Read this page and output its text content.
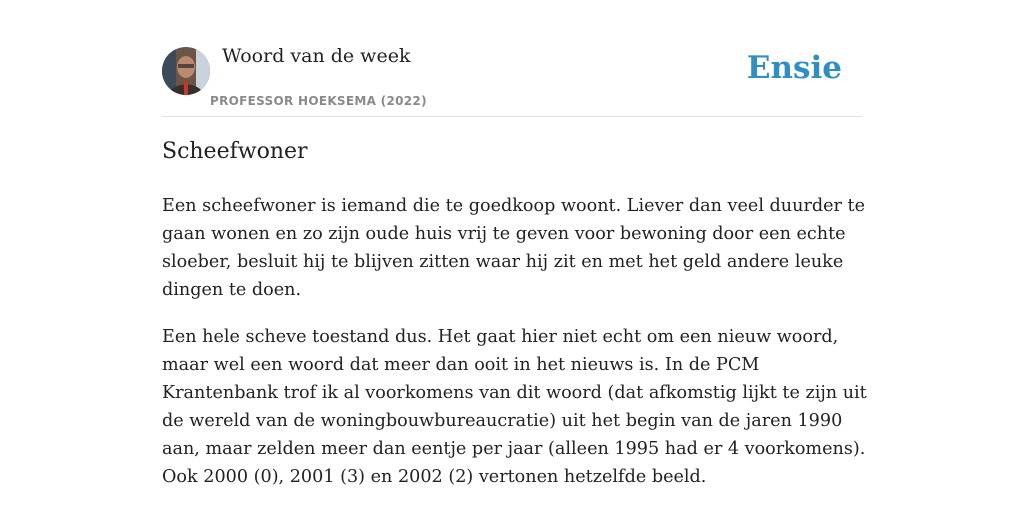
Woord van de week
PROFESSOR HOEKSEMA (2022)
Ensie
Scheefwoner

Een scheefwoner is iemand die te goedkoop woont. Liever dan veel duurder te gaan wonen en zo zijn oude huis vrij te geven voor bewoning door een echte sloeber, besluit hij te blijven zitten waar hij zit en met het geld andere leuke dingen te doen.

Een hele scheve toestand dus. Het gaat hier niet echt om een nieuw woord, maar wel een woord dat meer dan ooit in het nieuws is. In de PCM Krantenbank trof ik al voorkomens van dit woord (dat afkomstig lijkt te zijn uit de wereld van de woningbouwbureaucratie) uit het begin van de jaren 1990 aan, maar zelden meer dan eentje per jaar (alleen 1995 had er 4 voorkomens). Ook 2000 (0), 2001 (3) en 2002 (2) vertonen hetzelfde beeld.
